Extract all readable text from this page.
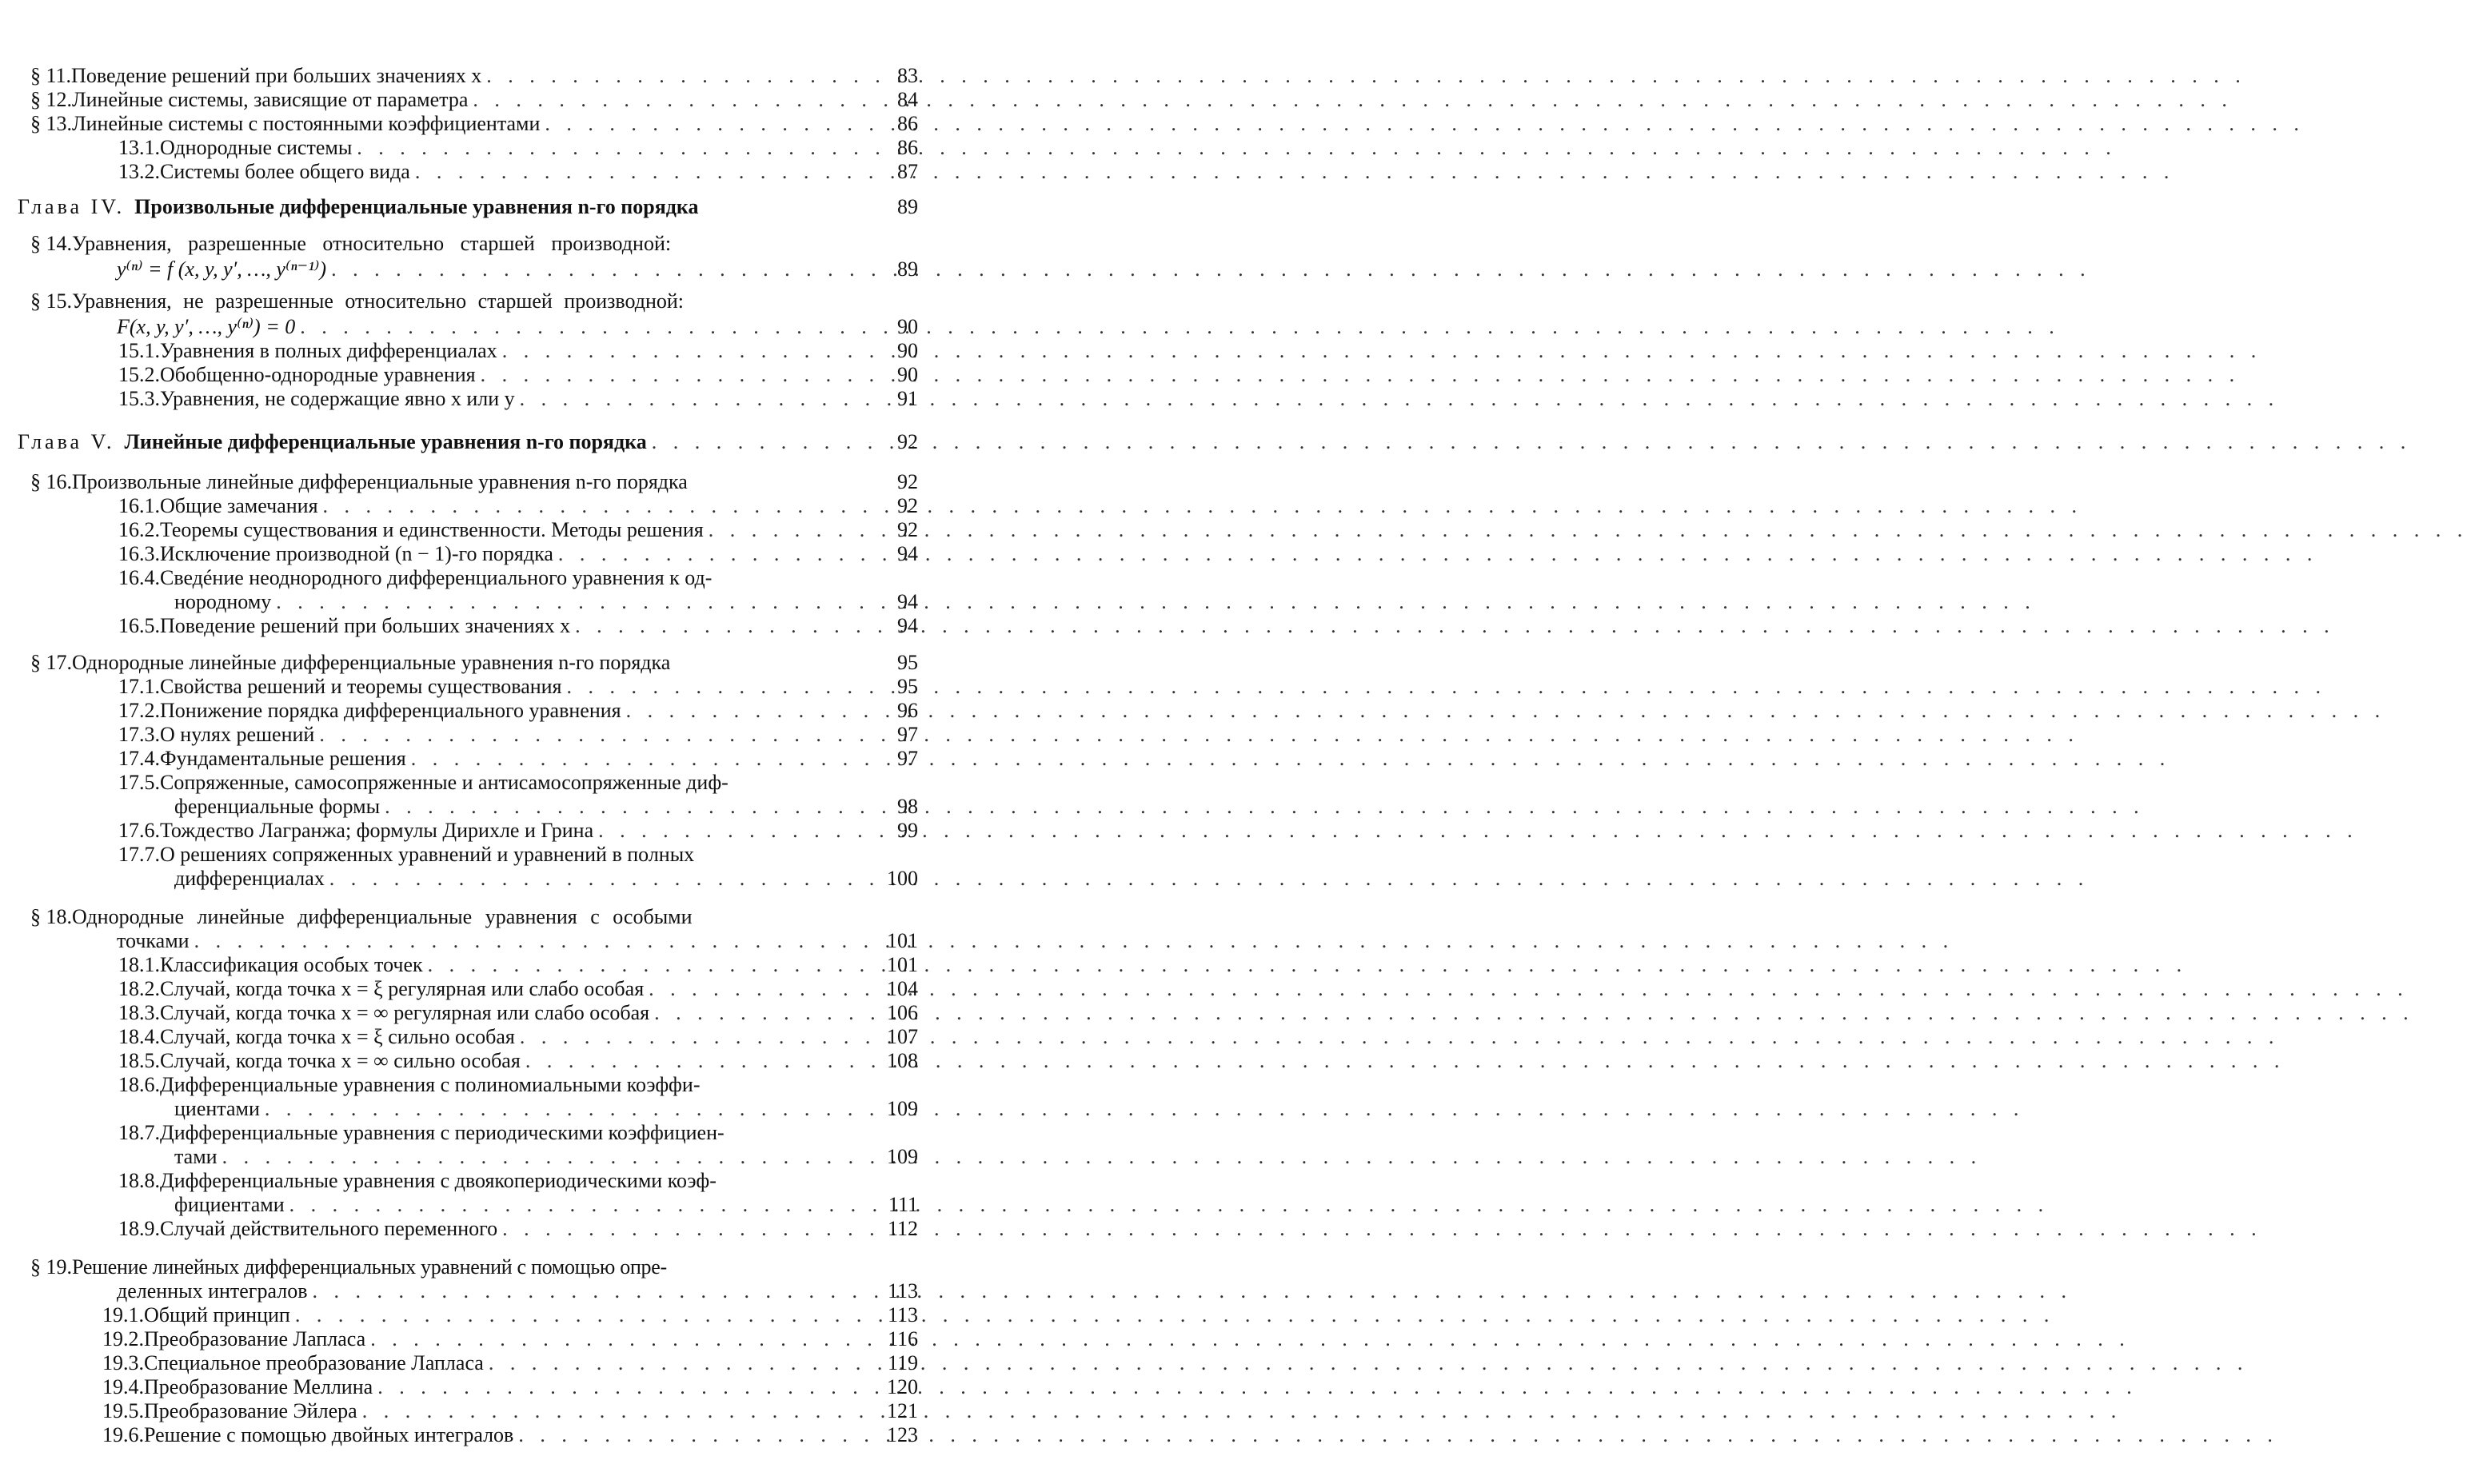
§ 11. Поведение решений при больших значениях x
. . .	83
§ 12. Линейные системы, зависящие от параметра
. . .	84
§ 13. Линейные системы с постоянными коэффициентами
. . .	86
13.1. Однородные системы
. . .	86
13.2. Системы более общего вида
. . .	87
Глава IV. Произвольные дифференциальные уравнения n-го порядка	89
§ 14. Уравнения, разрешенные относительно старшей производной:
y⁽ⁿ⁾ = f (x, y, y′, …, y⁽ⁿ⁻¹⁾)
. . .	89
§ 15. Уравнения, не разрешенные относительно старшей производной:
F(x, y, y′, …, y⁽ⁿ⁾) = 0
. . .	90
15.1. Уравнения в полных дифференциалах
. . .	90
15.2. Обобщенно-однородные уравнения
. . .	90
15.3. Уравнения, не содержащие явно x или y
. . .	91
Глава V. Линейные дифференциальные уравнения n-го порядка
. . .	92
§ 16. Произвольные линейные дифференциальные уравнения n-го порядка	92
16.1. Общие замечания
. . .	92
16.2. Теоремы существования и единственности. Методы решения
. . .	92
16.3. Исключение производной (n − 1)-го порядка
. . .	94
16.4. Сведéние неоднородного дифференциального уравнения к од-
нородному
. . .	94
16.5. Поведение решений при больших значениях x
. . .	94
§ 17. Однородные линейные дифференциальные уравнения n-го порядка	95
17.1. Свойства решений и теоремы существования
. . .	95
17.2. Понижение порядка дифференциального уравнения
. . .	96
17.3. О нулях решений
. . .	97
17.4. Фундаментальные решения
. . .	97
17.5. Сопряженные, самосопряженные и антисамосопряженные диф-
ференциальные формы
. . .	98
17.6. Тождество Лагранжа; формулы Дирихле и Грина
. . .	99
17.7. О решениях сопряженных уравнений и уравнений в полных
дифференциалах
. . .	100
§ 18. Однородные линейные дифференциальные уравнения с особыми
точками
. . .	101
18.1. Классификация особых точек
. . .	101
18.2. Случай, когда точка x = ξ регулярная или слабо особая
. . .	104
18.3. Случай, когда точка x = ∞ регулярная или слабо особая
. . .	106
18.4. Случай, когда точка x = ξ сильно особая
. . .	107
18.5. Случай, когда точка x = ∞ сильно особая
. . .	108
18.6. Дифференциальные уравнения с полиномиальными коэффи-
циентами
. . .	109
18.7. Дифференциальные уравнения с периодическими коэффициен-
тами
. . .	109
18.8. Дифференциальные уравнения с двоякопериодическими коэф-
фициентами
. . .	111
18.9. Случай действительного переменного
. . .	112
§ 19. Решение линейных дифференциальных уравнений с помощью опре-
деленных интегралов
. . .	113
19.1. Общий принцип
. . .	113
19.2. Преобразование Лапласа
. . .	116
19.3. Специальное преобразование Лапласа
. . .	119
19.4. Преобразование Меллина
. . .	120
19.5. Преобразование Эйлера
. . .	121
19.6. Решение с помощью двойных интегралов
. . .	123
